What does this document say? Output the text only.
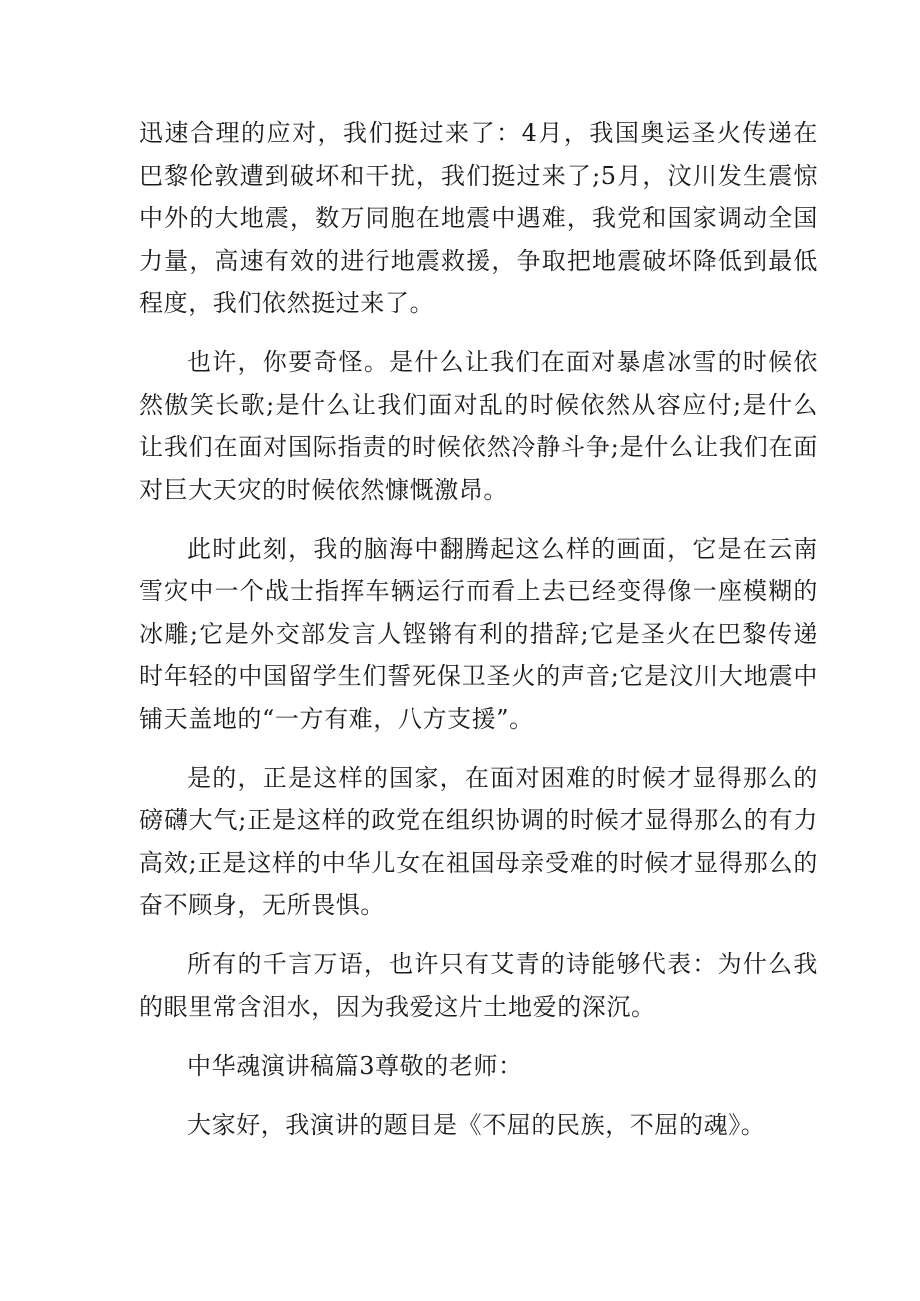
迅速合理的应对，我们挺过来了：4月，我国奥运圣火传递在巴黎伦敦遭到破坏和干扰，我们挺过来了;5月，汶川发生震惊中外的大地震，数万同胞在地震中遇难，我党和国家调动全国力量，高速有效的进行地震救援，争取把地震破坏降低到最低程度，我们依然挺过来了。

也许，你要奇怪。是什么让我们在面对暴虐冰雪的时候依然傲笑长歌;是什么让我们面对乱的时候依然从容应付;是什么让我们在面对国际指责的时候依然冷静斗争;是什么让我们在面对巨大天灾的时候依然慷慨激昂。

此时此刻，我的脑海中翻腾起这么样的画面，它是在云南雪灾中一个战士指挥车辆运行而看上去已经变得像一座模糊的冰雕;它是外交部发言人铿锵有利的措辞;它是圣火在巴黎传递时年轻的中国留学生们誓死保卫圣火的声音;它是汶川大地震中铺天盖地的“一方有难，八方支援”。

是的，正是这样的国家，在面对困难的时候才显得那么的磅礴大气;正是这样的政党在组织协调的时候才显得那么的有力高效;正是这样的中华儿女在祖国母亲受难的时候才显得那么的奋不顾身，无所畏惧。

所有的千言万语，也许只有艾青的诗能够代表：为什么我的眼里常含泪水，因为我爱这片土地爱的深沉。

中华魂演讲稿篇3尊敬的老师：

大家好，我演讲的题目是《不屈的民族，不屈的魂》。
